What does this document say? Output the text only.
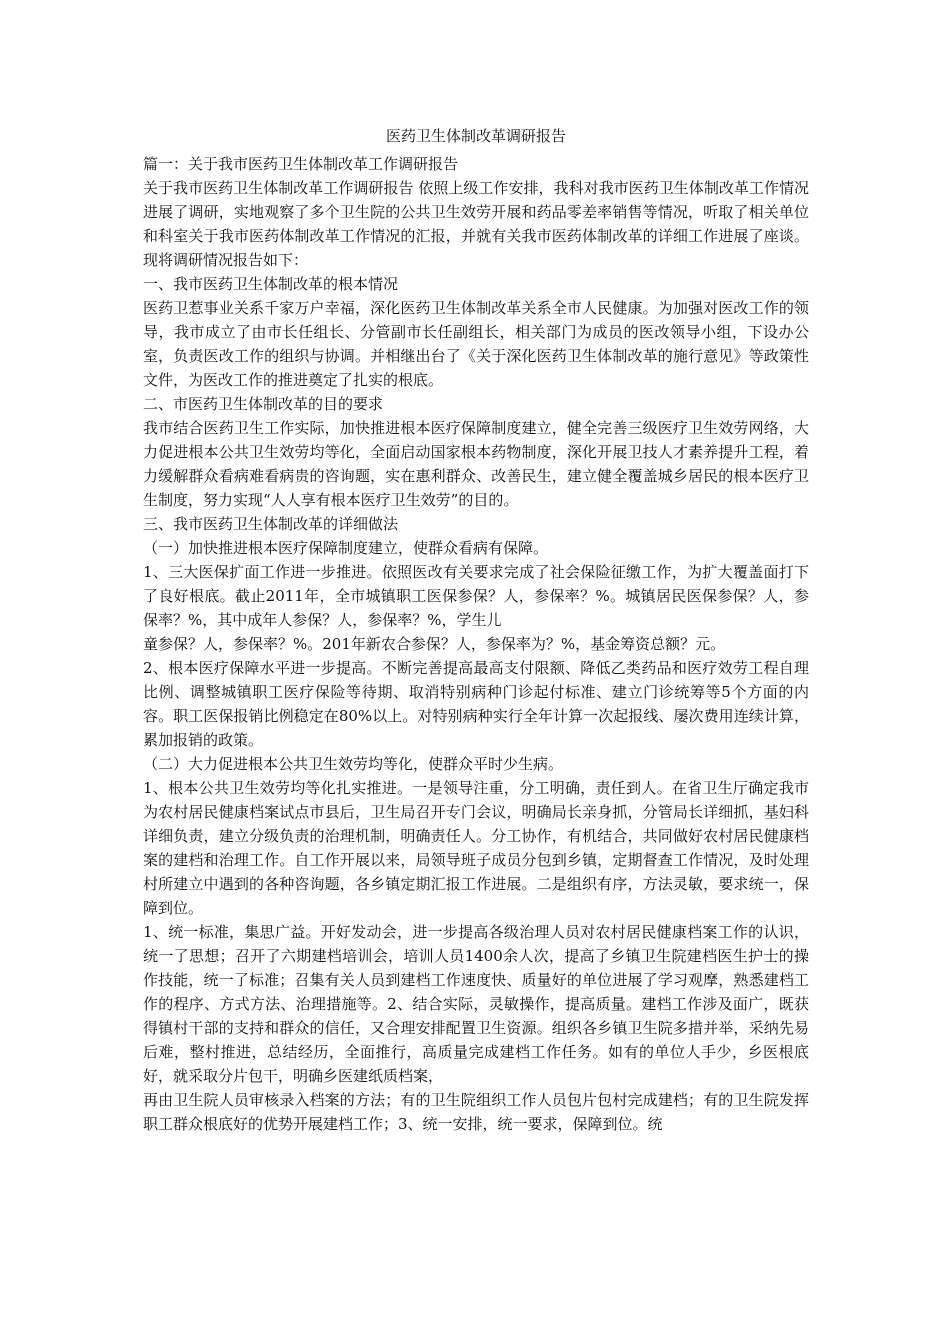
医药卫生体制改革调研报告
篇一：关于我市医药卫生体制改革工作调研报告
关于我市医药卫生体制改革工作调研报告 依照上级工作安排，我科对我市医药卫生体制改革工作情况进展了调研，实地观察了多个卫生院的公共卫生效劳开展和药品零差率销售等情况，听取了相关单位和科室关于我市医药体制改革工作情况的汇报，并就有关我市医药体制改革的详细工作进展了座谈。现将调研情况报告如下：
一、我市医药卫生体制改革的根本情况
医药卫惹事业关系千家万户幸福，深化医药卫生体制改革关系全市人民健康。为加强对医改工作的领导，我市成立了由市长任组长、分管副市长任副组长，相关部门为成员的医改领导小组，下设办公室，负责医改工作的组织与协调。并相继出台了《关于深化医药卫生体制改革的施行意见》等政策性文件，为医改工作的推进奠定了扎实的根底。
二、市医药卫生体制改革的目的要求
我市结合医药卫生工作实际，加快推进根本医疗保障制度建立，健全完善三级医疗卫生效劳网络，大力促进根本公共卫生效劳均等化，全面启动国家根本药物制度，深化开展卫技人才素养提升工程，着力缓解群众看病难看病贵的咨询题，实在惠利群众、改善民生，建立健全覆盖城乡居民的根本医疗卫生制度，努力实现“人人享有根本医疗卫生效劳”的目的。
三、我市医药卫生体制改革的详细做法
（一）加快推进根本医疗保障制度建立，使群众看病有保障。
1、三大医保扩面工作进一步推进。依照医改有关要求完成了社会保险征缴工作，为扩大覆盖面打下了良好根底。截止2011年，全市城镇职工医保参保？人，参保率？%。城镇居民医保参保？人，参保率？%，其中成年人参保？人，参保率？%，学生儿
童参保？人，参保率？%。201年新农合参保？人，参保率为？%，基金筹资总额？元。
2、根本医疗保障水平进一步提高。不断完善提高最高支付限额、降低乙类药品和医疗效劳工程自理比例、调整城镇职工医疗保险等待期、取消特别病种门诊起付标准、建立门诊统筹等5个方面的内容。职工医保报销比例稳定在80%以上。对特别病种实行全年计算一次起报线、屡次费用连续计算，累加报销的政策。
（二）大力促进根本公共卫生效劳均等化，使群众平时少生病。
1、根本公共卫生效劳均等化扎实推进。一是领导注重，分工明确，责任到人。在省卫生厅确定我市为农村居民健康档案试点市县后，卫生局召开专门会议，明确局长亲身抓，分管局长详细抓，基妇科详细负责，建立分级负责的治理机制，明确责任人。分工协作，有机结合，共同做好农村居民健康档案的建档和治理工作。自工作开展以来，局领导班子成员分包到乡镇，定期督查工作情况，及时处理村所建立中遇到的各种咨询题，各乡镇定期汇报工作进展。二是组织有序，方法灵敏，要求统一，保障到位。
1、统一标准，集思广益。开好发动会，进一步提高各级治理人员对农村居民健康档案工作的认识，统一了思想；召开了六期建档培训会，培训人员1400余人次，提高了乡镇卫生院建档医生护士的操作技能，统一了标准；召集有关人员到建档工作速度快、质量好的单位进展了学习观摩，熟悉建档工作的程序、方式方法、治理措施等。2、结合实际，灵敏操作，提高质量。建档工作涉及面广，既获得镇村干部的支持和群众的信任，又合理安排配置卫生资源。组织各乡镇卫生院多措并举，采纳先易后难，整村推进，总结经历，全面推行，高质量完成建档工作任务。如有的单位人手少，乡医根底好，就采取分片包干，明确乡医建纸质档案，
再由卫生院人员审核录入档案的方法；有的卫生院组织工作人员包片包村完成建档；有的卫生院发挥职工群众根底好的优势开展建档工作；3、统一安排，统一要求，保障到位。统
